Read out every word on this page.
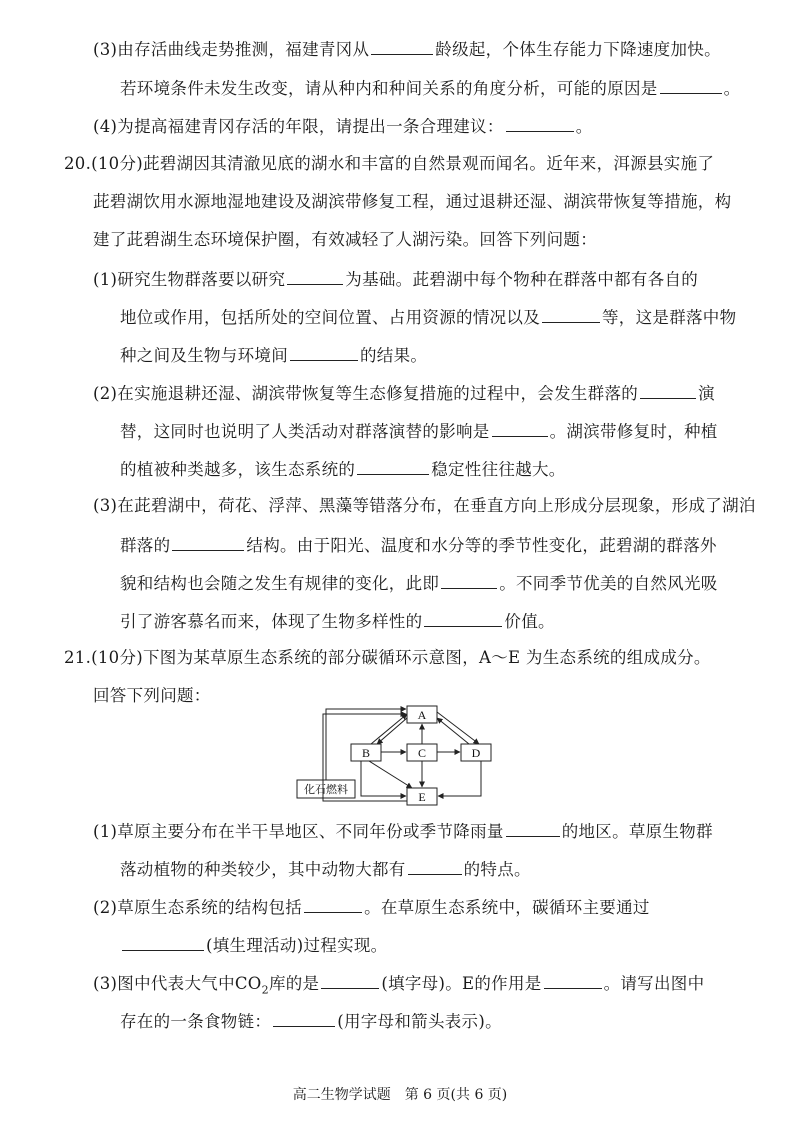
(3)由存活曲线走势推测，福建青冈从	龄级起，个体生存能力下降速度加快。
若环境条件未发生改变，请从种内和种间关系的角度分析，可能的原因是	。
(4)为提高福建青冈存活的年限，请提出一条合理建议：	。
20.(10分)茈碧湖因其清澈见底的湖水和丰富的自然景观而闻名。近年来，洱源县实施了
茈碧湖饮用水源地湿地建设及湖滨带修复工程，通过退耕还湿、湖滨带恢复等措施，构
建了茈碧湖生态环境保护圈，有效减轻了人湖污染。回答下列问题：
(1)研究生物群落要以研究	为基础。茈碧湖中每个物种在群落中都有各自的
地位或作用，包括所处的空间位置、占用资源的情况以及	等，这是群落中物
种之间及生物与环境间	的结果。
(2)在实施退耕还湿、湖滨带恢复等生态修复措施的过程中，会发生群落的	演
替，这同时也说明了人类活动对群落演替的影响是	。湖滨带修复时，种植
的植被种类越多，该生态系统的	稳定性往往越大。
(3)在茈碧湖中，荷花、浮萍、黑藻等错落分布，在垂直方向上形成分层现象，形成了湖泊
群落的	结构。由于阳光、温度和水分等的季节性变化，茈碧湖的群落外
貌和结构也会随之发生有规律的变化，此即	。不同季节优美的自然风光吸
引了游客慕名而来，体现了生物多样性的	价值。
21.(10分)下图为某草原生态系统的部分碳循环示意图，A～E 为生态系统的组成成分。
回答下列问题：
A
B	C	D
E
化石燃料
(1)草原主要分布在半干旱地区、不同年份或季节降雨量	的地区。草原生物群
落动植物的种类较少，其中动物大都有	的特点。
(2)草原生态系统的结构包括	。在草原生态系统中，碳循环主要通过
(填生理活动)过程实现。
(3)图中代表大气中$CO_2$库的是	(填字母)。E的作用是	。请写出图中
存在的一条食物链：	(用字母和箭头表示)。
高二生物学试题　第 6 页(共 6 页)
